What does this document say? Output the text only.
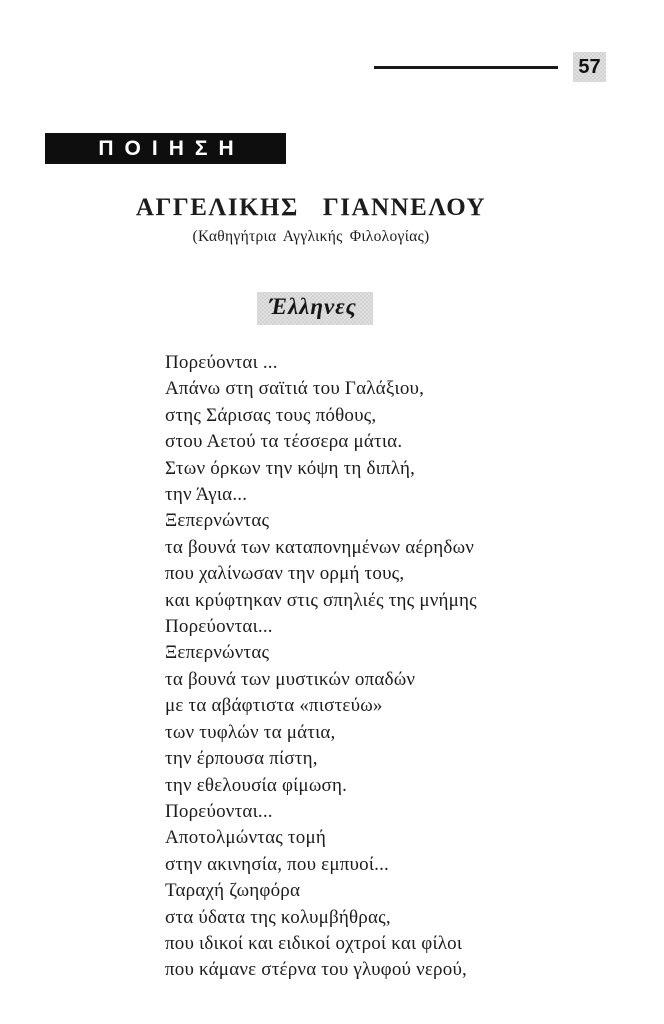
57
ΠΟΙΗΣΗ
ΑΓΓΕΛΙΚΗΣ ΓΙΑΝΝΕΛΟΥ
(Καθηγήτρια Αγγλικής Φιλολογίας)
Έλληνες
Πορεύονται ...
Απάνω στη σαϊτιά του Γαλάξιου,
στης Σάρισας τους πόθους,
στου Αετού τα τέσσερα μάτια.
Στων όρκων την κόψη τη διπλή,
την Άγια...
Ξεπερνώντας
τα βουνά των καταπονημένων αέρηδων
που χαλίνωσαν την ορμή τους,
και κρύφτηκαν στις σπηλιές της μνήμης
Πορεύονται...
Ξεπερνώντας
τα βουνά των μυστικών οπαδών
με τα αβάφτιστα «πιστεύω»
των τυφλών τα μάτια,
την έρπουσα πίστη,
την εθελουσία φίμωση.
Πορεύονται...
Αποτολμώντας τομή
στην ακινησία, που εμπυοί...
Ταραχή ζωηφόρα
στα ύδατα της κολυμβήθρας,
που ιδικοί και ειδικοί οχτροί και φίλοι
που κάμανε στέρνα του γλυφού νερού,
